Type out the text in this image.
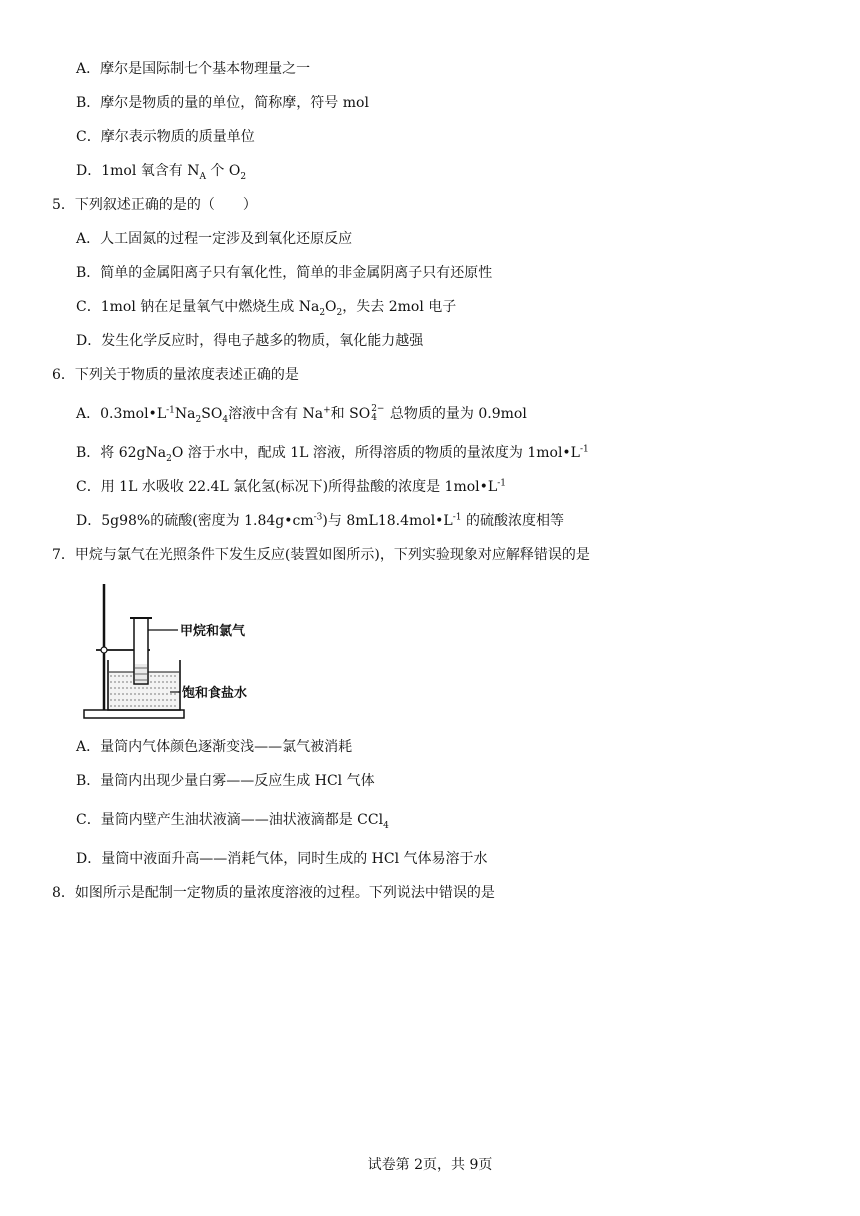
A．摩尔是国际制七个基本物理量之一
B．摩尔是物质的量的单位，简称摩，符号 mol
C．摩尔表示物质的质量单位
D．1mol 氧含有 $N_A$ 个 $O_2$
5．下列叙述正确的是的（　　）
A．人工固氮的过程一定涉及到氧化还原反应
B．简单的金属阳离子只有氧化性，简单的非金属阴离子只有还原性
C．1mol 钠在足量氧气中燃烧生成 $Na_2O_2$，失去 2mol 电子
D．发生化学反应时，得电子越多的物质，氧化能力越强
6．下列关于物质的量浓度表述正确的是
A．$0.3mol•L^{-1}Na_2SO_4$溶液中含有 Na+和 SO 2−
4 总物质的量为 0.9mol
B．将 62gNa$_2$O 溶于水中，配成 1L 溶液，所得溶质的物质的量浓度为 $1mol•L^{-1}$
C．用 1L 水吸收 22.4L 氯化氢(标况下)所得盐酸的浓度是 $1mol•L^{-1}$
D．5g98%的硫酸(密度为 $1.84g•cm^{-3}$)与 $8mL18.4mol•L^{-1}$ 的硫酸浓度相等
7．甲烷与氯气在光照条件下发生反应(装置如图所示)，下列实验现象对应解释错误的是
甲烷和氯气
饱和食盐水
A．量筒内气体颜色逐渐变浅——氯气被消耗
B．量筒内出现少量白雾——反应生成 HCl 气体
C．量筒内壁产生油状液滴——油状液滴都是 CCl$_4$
D．量筒中液面升高——消耗气体，同时生成的 HCl 气体易溶于水
8．如图所示是配制一定物质的量浓度溶液的过程。下列说法中错误的是
试卷第 2页，共 9页
